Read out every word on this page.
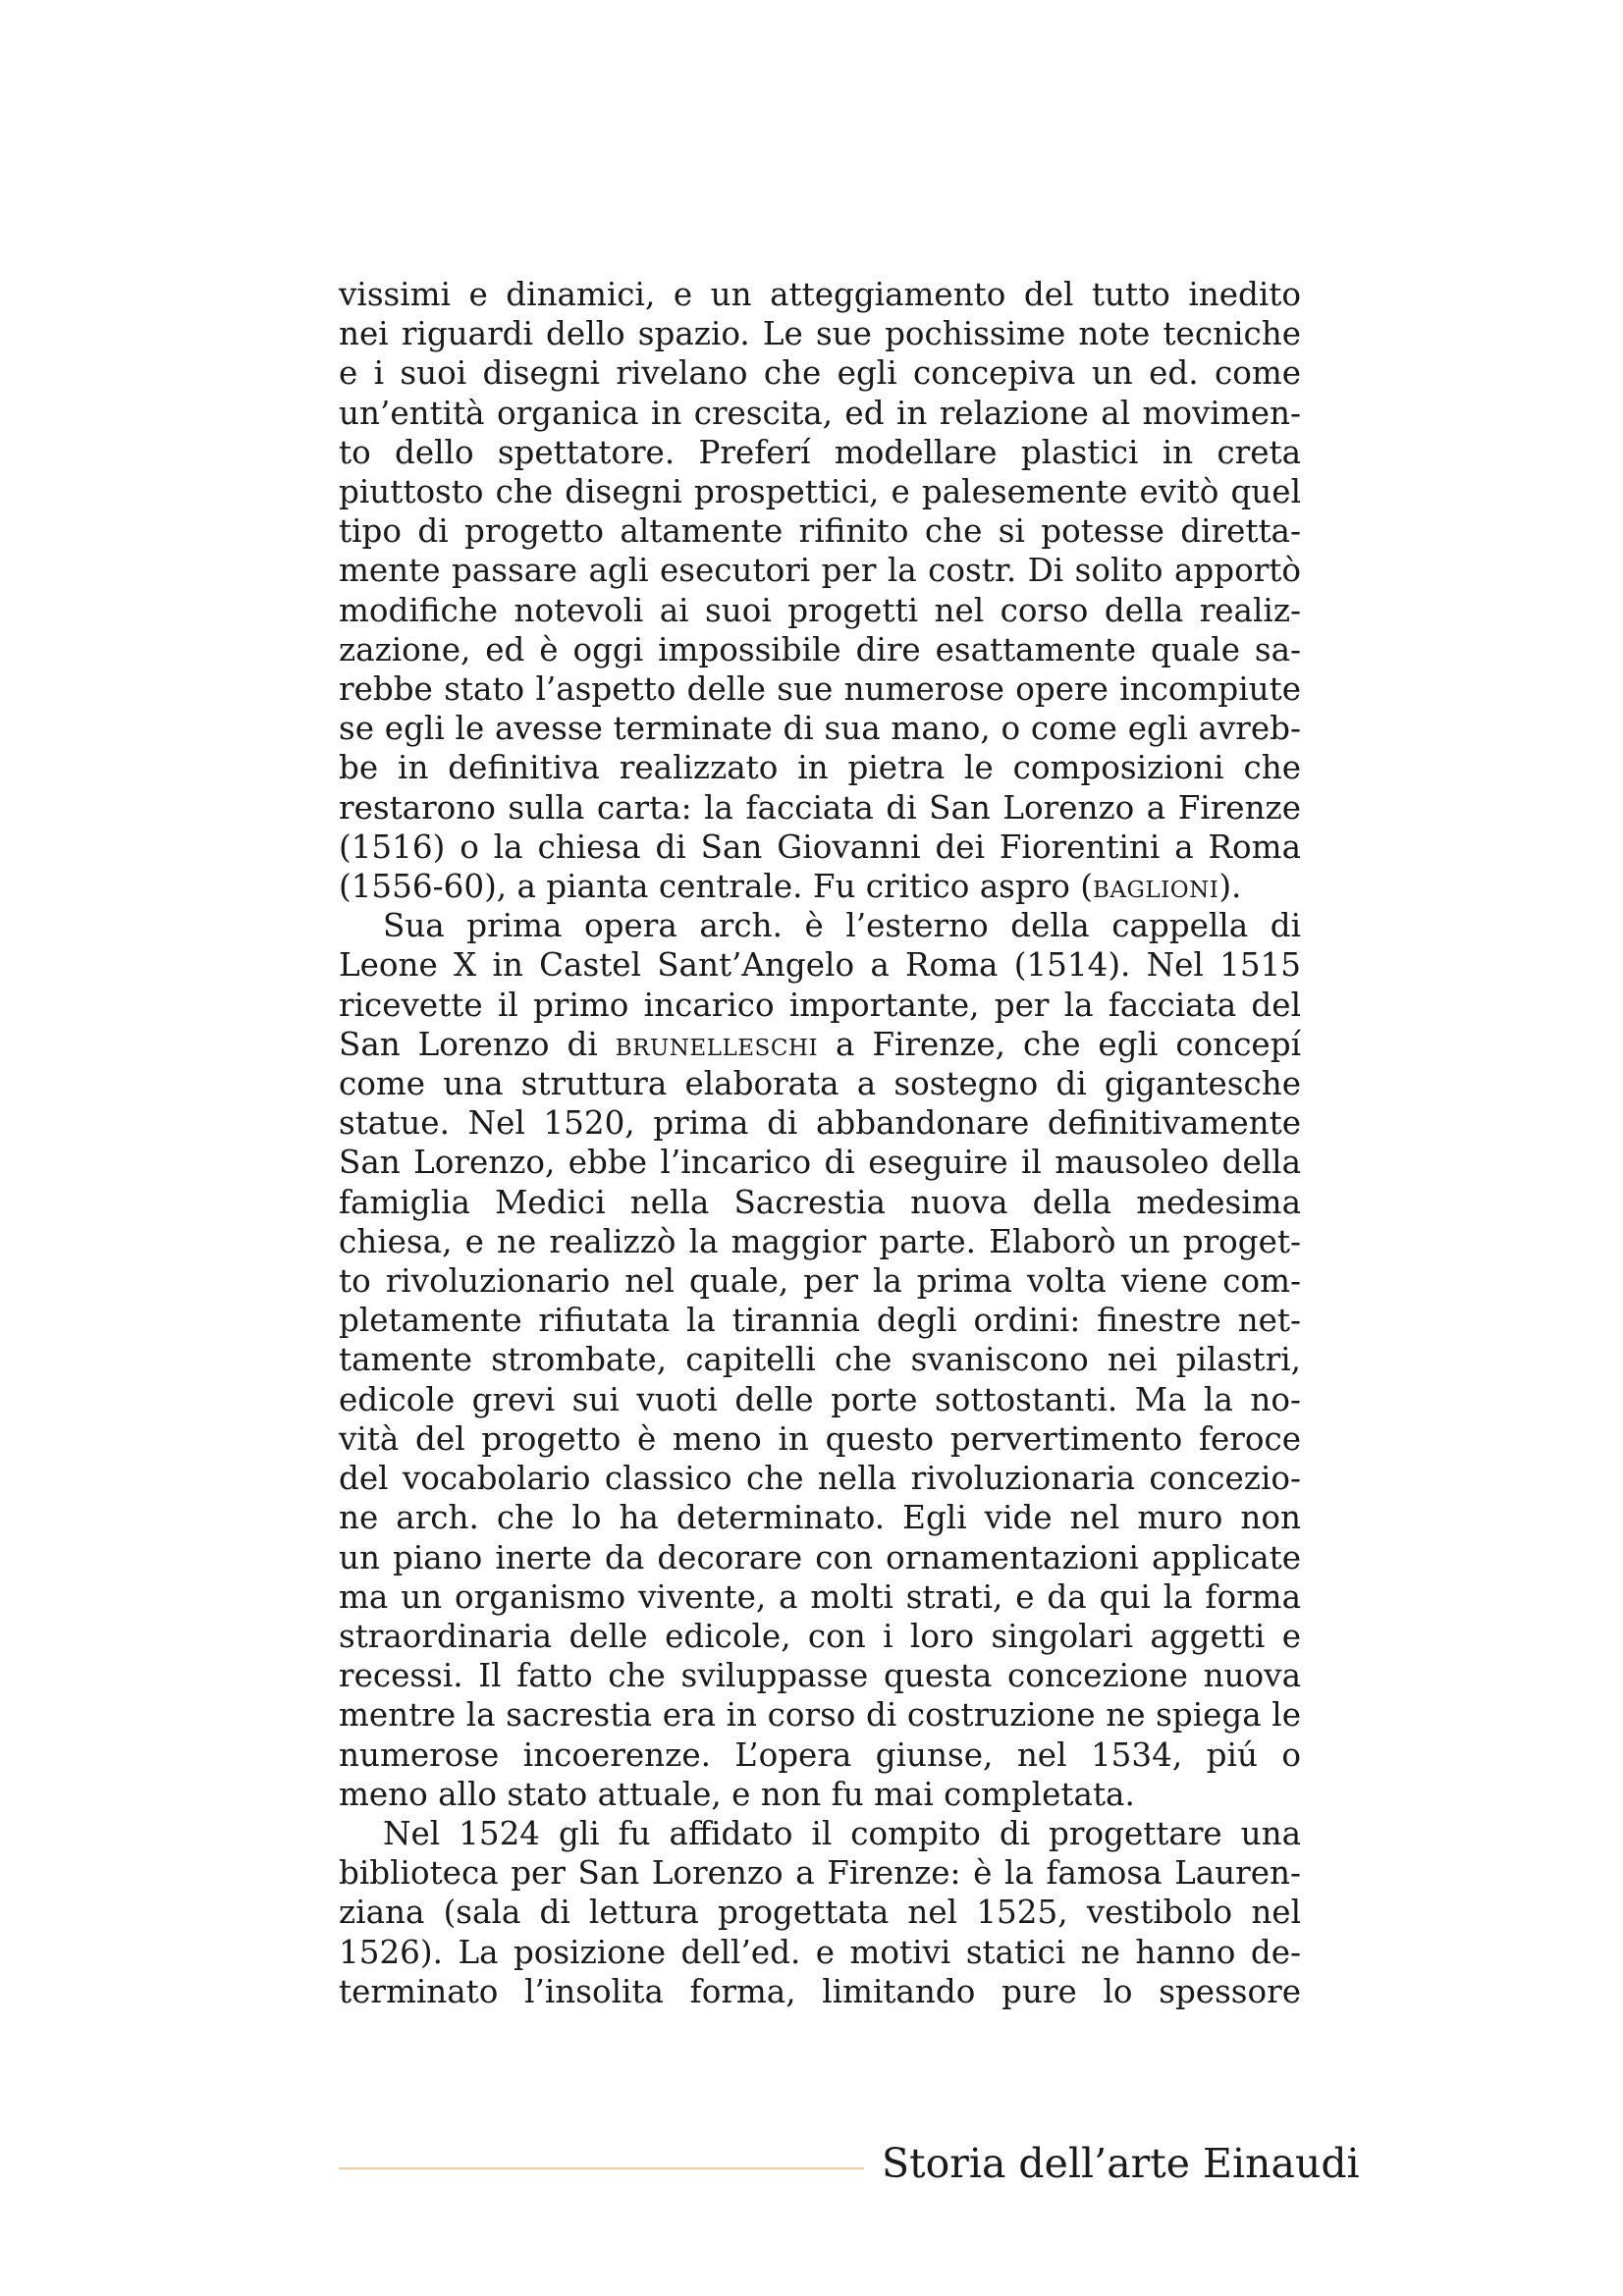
vissimi e dinamici, e un atteggiamento del tutto inedito
nei riguardi dello spazio. Le sue pochissime note tecniche
e i suoi disegni rivelano che egli concepiva un ed. come
un’entità organica in crescita, ed in relazione al movimen-
to dello spettatore. Preferí modellare plastici in creta
piuttosto che disegni prospettici, e palesemente evitò quel
tipo di progetto altamente rifinito che si potesse diretta-
mente passare agli esecutori per la costr. Di solito apportò
modifiche notevoli ai suoi progetti nel corso della realiz-
zazione, ed è oggi impossibile dire esattamente quale sa-
rebbe stato l’aspetto delle sue numerose opere incompiute
se egli le avesse terminate di sua mano, o come egli avreb-
be in definitiva realizzato in pietra le composizioni che
restarono sulla carta: la facciata di San Lorenzo a Firenze
(1516) o la chiesa di San Giovanni dei Fiorentini a Roma
(1556-60), a pianta centrale. Fu critico aspro (baglioni).
Sua prima opera arch. è l’esterno della cappella di
Leone X in Castel Sant’Angelo a Roma (1514). Nel 1515
ricevette il primo incarico importante, per la facciata del
San Lorenzo di brunelleschi a Firenze, che egli concepí
come una struttura elaborata a sostegno di gigantesche
statue. Nel 1520, prima di abbandonare definitivamente
San Lorenzo, ebbe l’incarico di eseguire il mausoleo della
famiglia Medici nella Sacrestia nuova della medesima
chiesa, e ne realizzò la maggior parte. Elaborò un proget-
to rivoluzionario nel quale, per la prima volta viene com-
pletamente rifiutata la tirannia degli ordini: finestre net-
tamente strombate, capitelli che svaniscono nei pilastri,
edicole grevi sui vuoti delle porte sottostanti. Ma la no-
vità del progetto è meno in questo pervertimento feroce
del vocabolario classico che nella rivoluzionaria concezio-
ne arch. che lo ha determinato. Egli vide nel muro non
un piano inerte da decorare con ornamentazioni applicate
ma un organismo vivente, a molti strati, e da qui la forma
straordinaria delle edicole, con i loro singolari aggetti e
recessi. Il fatto che sviluppasse questa concezione nuova
mentre la sacrestia era in corso di costruzione ne spiega le
numerose incoerenze. L’opera giunse, nel 1534, piú o
meno allo stato attuale, e non fu mai completata.
Nel 1524 gli fu affidato il compito di progettare una
biblioteca per San Lorenzo a Firenze: è la famosa Lauren-
ziana (sala di lettura progettata nel 1525, vestibolo nel
1526). La posizione dell’ed. e motivi statici ne hanno de-
terminato l’insolita forma, limitando pure lo spessore
Storia dell’arte Einaudi
